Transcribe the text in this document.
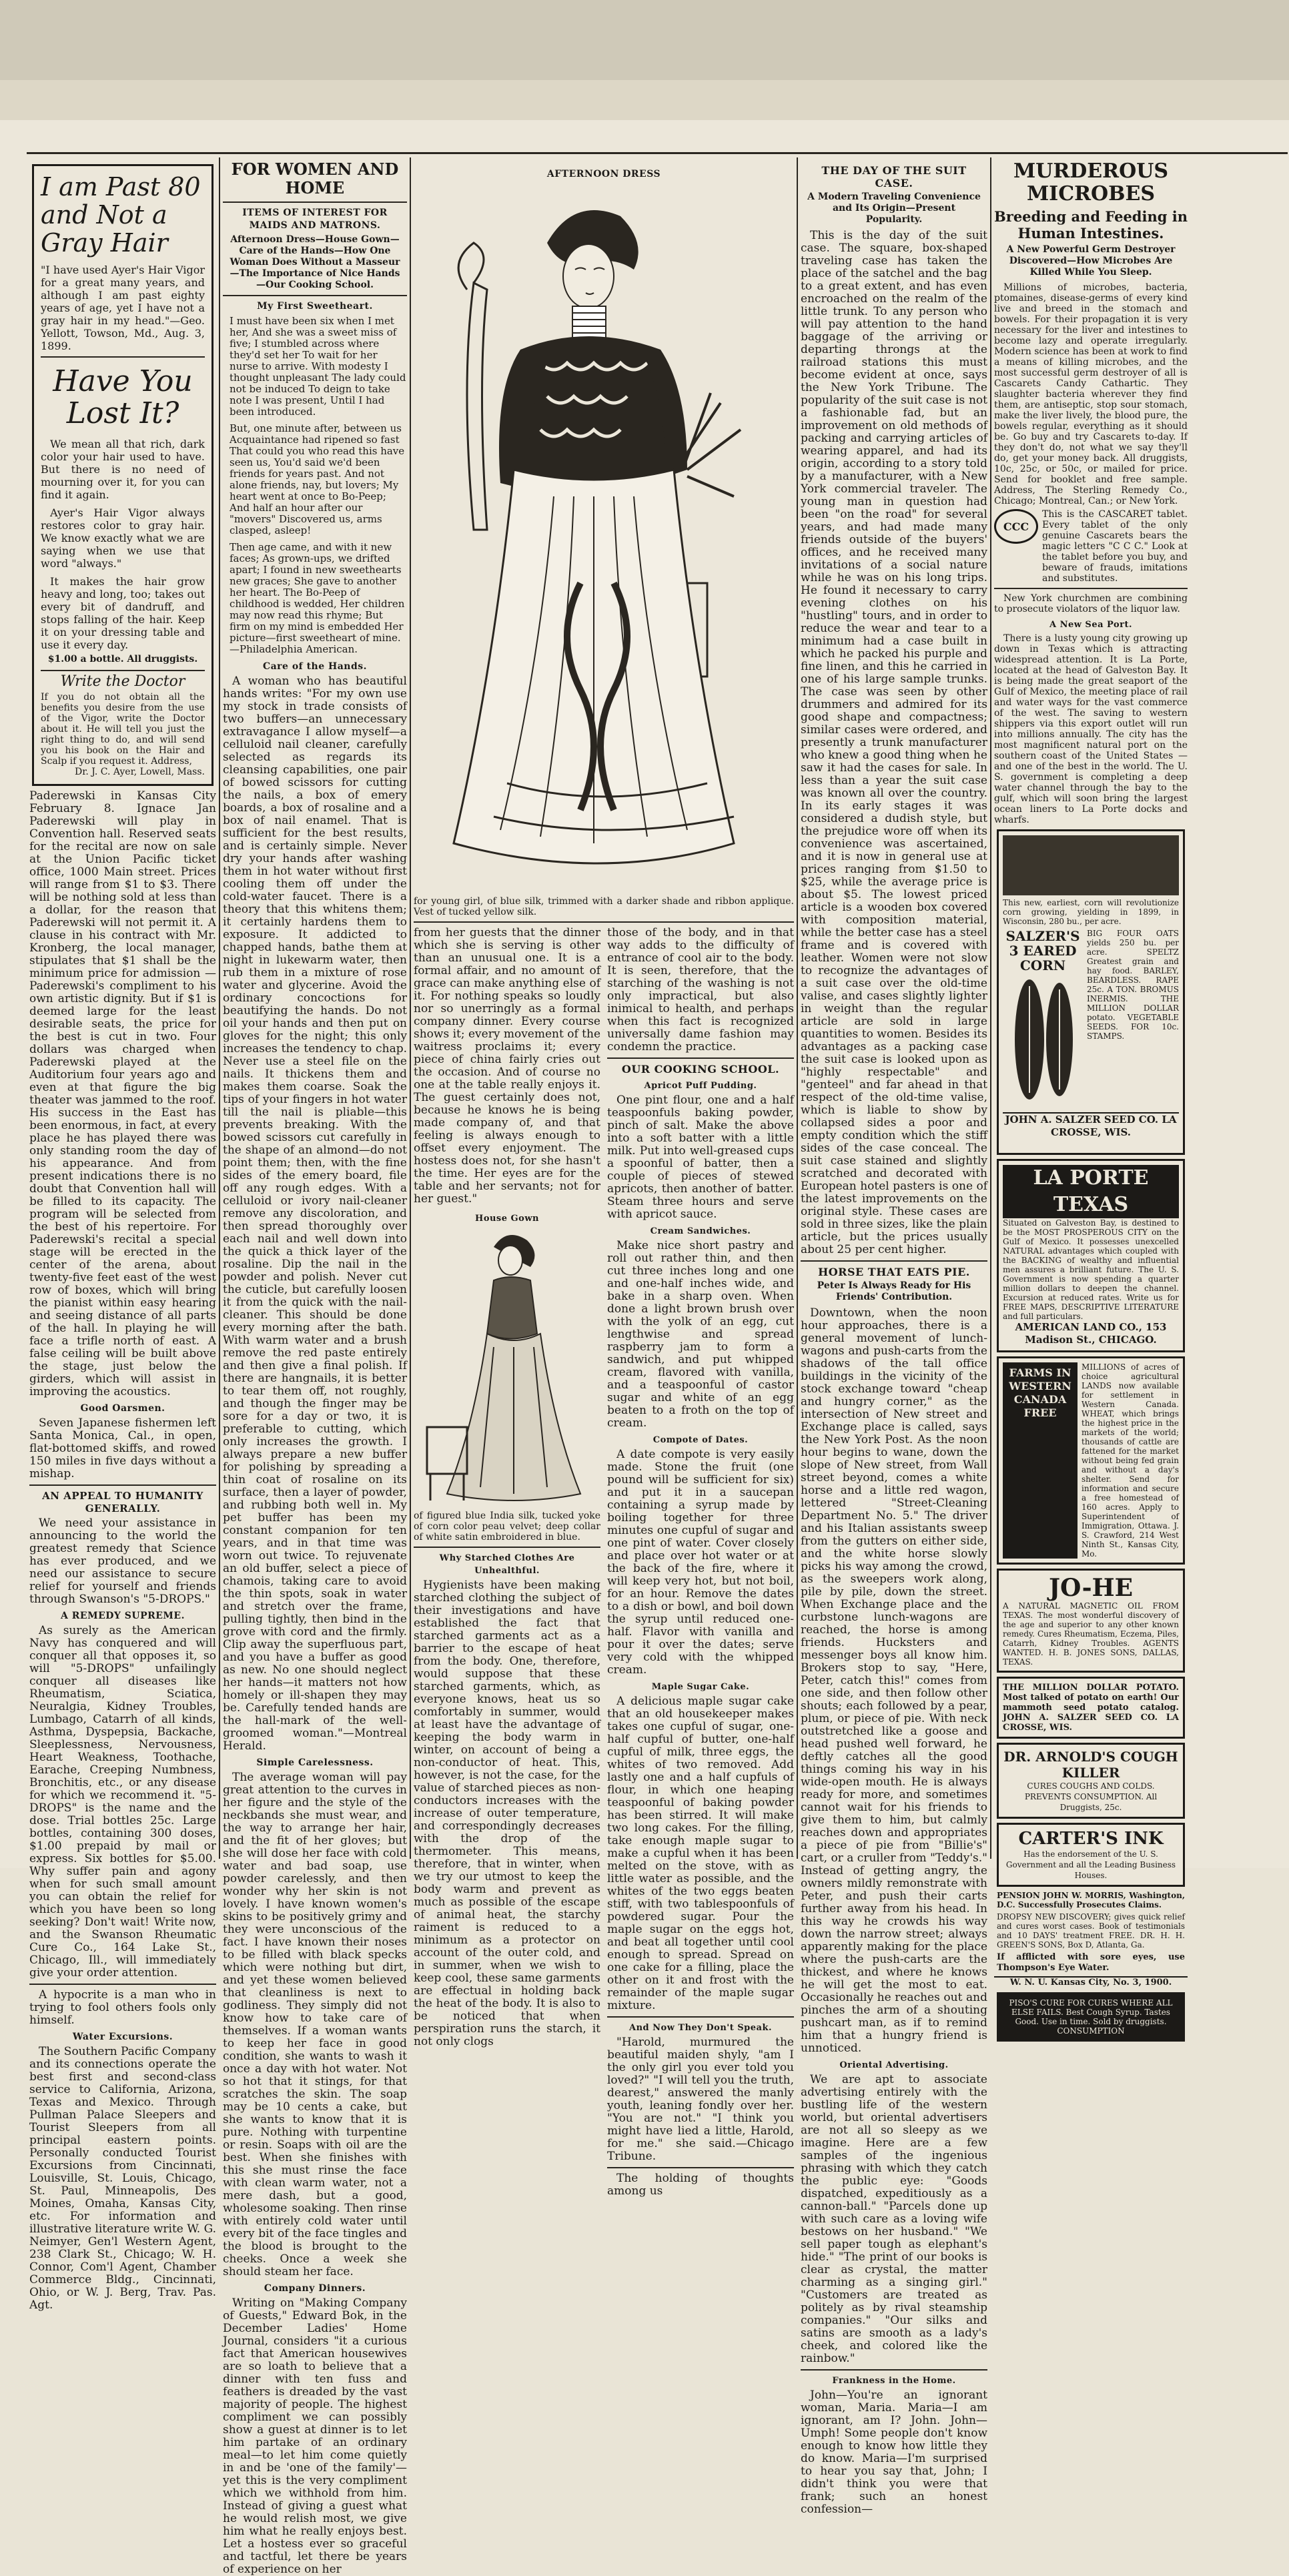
I am Past 80 and Not a Gray Hair
"I have used Ayer's Hair Vigor for a great many years, and although I am past eighty years of age, yet I have not a gray hair in my head."—Geo. Yellott, Towson, Md., Aug. 3, 1899.
Have You Lost It?

We mean all that rich, dark color your hair used to have. But there is no need of mourning over it, for you can find it again.

Ayer's Hair Vigor always restores color to gray hair. We know exactly what we are saying when we use that word "always."

It makes the hair grow heavy and long, too; takes out every bit of dandruff, and stops falling of the hair. Keep it on your dressing table and use it every day.

$1.00 a bottle. All druggists.
Write the Doctor
If you do not obtain all the benefits you desire from the use of the Vigor, write the Doctor about it. He will tell you just the right thing to do, and will send you his book on the Hair and Scalp if you request it. Address,
Dr. J. C. Ayer, Lowell, Mass.

Paderewski in Kansas City February 8. Ignace Jan Paderewski will play in Convention hall. Reserved seats for the recital are now on sale at the Union Pacific ticket office, 1000 Main street. Prices will range from $1 to $3. There will be nothing sold at less than a dollar, for the reason that Paderewski will not permit it. A clause in his contract with Mr. Kronberg, the local manager, stipulates that $1 shall be the minimum price for admission — Paderewski's compliment to his own artistic dignity. But if $1 is deemed large for the least desirable seats, the price for the best is cut in two. Four dollars was charged when Paderewski played at the Auditorium four years ago and even at that figure the big theater was jammed to the roof. His success in the East has been enormous, in fact, at every place he has played there was only standing room the day of his appearance. And from present indications there is no doubt that Convention hall will be filled to its capacity. The program will be selected from the best of his repertoire. For Paderewski's recital a special stage will be erected in the center of the arena, about twenty-five feet east of the west row of boxes, which will bring the pianist within easy hearing and seeing distance of all parts of the hall. In playing he will face a trifle north of east. A false ceiling will be built above the stage, just below the girders, which will assist in improving the acoustics.

Good Oarsmen.

Seven Japanese fishermen left Santa Monica, Cal., in open, flat-bottomed skiffs, and rowed 150 miles in five days without a mishap.

AN APPEAL TO HUMANITY GENERALLY.

We need your assistance in announcing to the world the greatest remedy that Science has ever produced, and we need our assistance to secure relief for yourself and friends through Swanson's "5-DROPS."

A REMEDY SUPREME.

As surely as the American Navy has conquered and will conquer all that opposes it, so will "5-DROPS" unfailingly conquer all diseases like Rheumatism, Sciatica, Neuralgia, Kidney Troubles, Lumbago, Catarrh of all kinds, Asthma, Dyspepsia, Backache, Sleeplessness, Nervousness, Heart Weakness, Toothache, Earache, Creeping Numbness, Bronchitis, etc., or any disease for which we recommend it. "5-DROPS" is the name and the dose. Trial bottles 25c. Large bottles, containing 300 doses, $1.00 prepaid by mail or express. Six bottles for $5.00. Why suffer pain and agony when for such small amount you can obtain the relief for which you have been so long seeking? Don't wait! Write now, and the Swanson Rheumatic Cure Co., 164 Lake St., Chicago, Ill., will immediately give your order attention.

A hypocrite is a man who in trying to fool others fools only himself.

Water Excursions.

The Southern Pacific Company and its connections operate the best first and second-class service to California, Arizona, Texas and Mexico. Through Pullman Palace Sleepers and Tourist Sleepers from all principal eastern points. Personally conducted Tourist Excursions from Cincinnati, Louisville, St. Louis, Chicago, St. Paul, Minneapolis, Des Moines, Omaha, Kansas City, etc. For information and illustrative literature write W. G. Neimyer, Gen'l Western Agent, 238 Clark St., Chicago; W. H. Connor, Com'l Agent, Chamber Commerce Bldg., Cincinnati, Ohio, or W. J. Berg, Trav. Pas. Agt.

FOR WOMEN AND HOME
ITEMS OF INTEREST FOR MAIDS AND MATRONS.
Afternoon Dress—House Gown—Care of the Hands—How One Woman Does Without a Masseur—The Importance of Nice Hands—Our Cooking School.
My First Sweetheart.

I must have been six when I met her, And she was a sweet miss of five; I stumbled across where they'd set her To wait for her nurse to arrive. With modesty I thought unpleasant The lady could not be induced To deign to take note I was present, Until I had been introduced.

But, one minute after, between us Acquaintance had ripened so fast That could you who read this have seen us, You'd said we'd been friends for years past. And not alone friends, nay, but lovers; My heart went at once to Bo-Peep; And half an hour after our "movers" Discovered us, arms clasped, asleep!

Then age came, and with it new faces; As grown-ups, we drifted apart; I found in new sweethearts new graces; She gave to another her heart. The Bo-Peep of childhood is wedded, Her children may now read this rhyme; But firm on my mind is embedded Her picture—first sweetheart of mine. —Philadelphia American.

Care of the Hands.

A woman who has beautiful hands writes: "For my own use my stock in trade consists of two buffers—an unnecessary extravagance I allow myself—a celluloid nail cleaner, carefully selected as regards its cleansing capabilities, one pair of bowed scissors for cutting the nails, a box of emery boards, a box of rosaline and a box of nail enamel. That is sufficient for the best results, and is certainly simple. Never dry your hands after washing them in hot water without first cooling them off under the cold-water faucet. There is a theory that this whitens them; it certainly hardens them to exposure. It addicted to chapped hands, bathe them at night in lukewarm water, then rub them in a mixture of rose water and glycerine. Avoid the ordinary concoctions for beautifying the hands. Do not oil your hands and then put on gloves for the night; this only increases the tendency to chap. Never use a steel file on the nails. It thickens them and makes them coarse. Soak the tips of your fingers in hot water till the nail is pliable—this prevents breaking. With the bowed scissors cut carefully in the shape of an almond—do not point them; then, with the fine sides of the emery board, file off any rough edges. With a celluloid or ivory nail-cleaner remove any discoloration, and then spread thoroughly over each nail and well down into the quick a thick layer of the rosaline. Dip the nail in the powder and polish. Never cut the cuticle, but carefully loosen it from the quick with the nail-cleaner. This should be done every morning after the bath. With warm water and a brush remove the red paste entirely and then give a final polish. If there are hangnails, it is better to tear them off, not roughly, and though the finger may be sore for a day or two, it is preferable to cutting, which only increases the growth. I always prepare a new buffer for polishing by spreading a thin coat of rosaline on its surface, then a layer of powder, and rubbing both well in. My pet buffer has been my constant companion for ten years, and in that time was worn out twice. To rejuvenate an old buffer, select a piece of chamois, taking care to avoid the thin spots, soak in water and stretch over the frame, pulling tightly, then bind in the grove with cord and the firmly. Clip away the superfluous part, and you have a buffer as good as new. No one should neglect her hands—it matters not how homely or ill-shapen they may be. Carefully tended hands are the hall-mark of the well-groomed woman."—Montreal Herald.

Simple Carelessness.

The average woman will pay great attention to the curves in her figure and the style of the neckbands she must wear, and the way to arrange her hair, and the fit of her gloves; but she will dose her face with cold water and bad soap, use powder carelessly, and then wonder why her skin is not lovely. I have known women's skins to be positively grimy and they were unconscious of the fact. I have known their noses to be filled with black specks which were nothing but dirt, and yet these women believed that cleanliness is next to godliness. They simply did not know how to take care of themselves. If a woman wants to keep her face in good condition, she wants to wash it once a day with hot water. Not so hot that it stings, for that scratches the skin. The soap may be 10 cents a cake, but she wants to know that it is pure. Nothing with turpentine or resin. Soaps with oil are the best. When she finishes with this she must rinse the face with clean warm water, not a mere dash, but a good, wholesome soaking. Then rinse with entirely cold water until every bit of the face tingles and the blood is brought to the cheeks. Once a week she should steam her face.

Company Dinners.

Writing on "Making Company of Guests," Edward Bok, in the December Ladies' Home Journal, considers "it a curious fact that American housewives are so loath to believe that a dinner with ten fuss and feathers is dreaded by the vast majority of people. The highest compliment we can possibly show a guest at dinner is to let him partake of an ordinary meal—to let him come quietly in and be 'one of the family'—yet this is the very compliment which we withhold from him. Instead of giving a guest what he would relish most, we give him what he really enjoys best. Let a hostess ever so graceful and tactful, let there be years of experience on her

AFTERNOON DRESS
for young girl, of blue silk, trimmed with a darker shade and ribbon applique. Vest of tucked yellow silk.

from her guests that the dinner which she is serving is other than an unusual one. It is a formal affair, and no amount of grace can make anything else of it. For nothing speaks so loudly nor so unerringly as a formal company dinner. Every course shows it; every movement of the waitress proclaims it; every piece of china fairly cries out the occasion. And of course no one at the table really enjoys it. The guest certainly does not, because he knows he is being made company of, and that feeling is always enough to offset every enjoyment. The hostess does not, for she hasn't the time. Her eyes are for the table and her servants; not for her guest."

House Gown
of figured blue India silk, tucked yoke of corn color peau velvet; deep collar of white satin embroidered in blue.
Why Starched Clothes Are Unhealthful.

Hygienists have been making starched clothing the subject of their investigations and have established the fact that starched garments act as a barrier to the escape of heat from the body. One, therefore, would suppose that these starched garments, which, as everyone knows, heat us so comfortably in summer, would at least have the advantage of keeping the body warm in winter, on account of being a non-conductor of heat. This, however, is not the case, for the value of starched pieces as non-conductors increases with the increase of outer temperature, and correspondingly decreases with the drop of the thermometer. This means, therefore, that in winter, when we try our utmost to keep the body warm and prevent as much as possible of the escape of animal heat, the starchy raiment is reduced to a minimum as a protector on account of the outer cold, and in summer, when we wish to keep cool, these same garments are effectual in holding back the heat of the body. It is also to be noticed that when perspiration runs the starch, it not only clogs

those of the body, and in that way adds to the difficulty of entrance of cool air to the body. It is seen, therefore, that the starching of the washing is not only impractical, but also inimical to health, and perhaps when this fact is recognized universally dame fashion may condemn the practice.

OUR COOKING SCHOOL.
Apricot Puff Pudding.

One pint flour, one and a half teaspoonfuls baking powder, pinch of salt. Make the above into a soft batter with a little milk. Put into well-greased cups a spoonful of batter, then a couple of pieces of stewed apricots, then another of batter. Steam three hours and serve with apricot sauce.

Cream Sandwiches.

Make nice short pastry and roll out rather thin, and then cut three inches long and one and one-half inches wide, and bake in a sharp oven. When done a light brown brush over with the yolk of an egg, cut lengthwise and spread raspberry jam to form a sandwich, and put whipped cream, flavored with vanilla, and a teaspoonful of castor sugar and white of an egg beaten to a froth on the top of cream.

Compote of Dates.

A date compote is very easily made. Stone the fruit (one pound will be sufficient for six) and put it in a saucepan containing a syrup made by boiling together for three minutes one cupful of sugar and one pint of water. Cover closely and place over hot water or at the back of the fire, where it will keep very hot, but not boil, for an hour. Remove the dates to a dish or bowl, and boil down the syrup until reduced one-half. Flavor with vanilla and pour it over the dates; serve very cold with the whipped cream.

Maple Sugar Cake.

A delicious maple sugar cake that an old housekeeper makes takes one cupful of sugar, one-half cupful of butter, one-half cupful of milk, three eggs, the whites of two removed. Add lastly one and a half cupfuls of flour, in which one heaping teaspoonful of baking powder has been stirred. It will make two long cakes. For the filling, take enough maple sugar to make a cupful when it has been melted on the stove, with as little water as possible, and the whites of the two eggs beaten stiff, with two tablespoonfuls of powdered sugar. Pour the maple sugar on the eggs hot, and beat all together until cool enough to spread. Spread on one cake for a filling, place the other on it and frost with the remainder of the maple sugar mixture.

And Now They Don't Speak.

"Harold, murmured the beautiful maiden shyly, "am I the only girl you ever told you loved?" "I will tell you the truth, dearest," answered the manly youth, leaning fondly over her. "You are not." "I think you might have lied a little, Harold, for me." she said.—Chicago Tribune.

The holding of thoughts among us

THE DAY OF THE SUIT CASE.
A Modern Traveling Convenience and Its Origin—Present Popularity.

This is the day of the suit case. The square, box-shaped traveling case has taken the place of the satchel and the bag to a great extent, and has even encroached on the realm of the little trunk. To any person who will pay attention to the hand baggage of the arriving or departing throngs at the railroad stations this must become evident at once, says the New York Tribune. The popularity of the suit case is not a fashionable fad, but an improvement on old methods of packing and carrying articles of wearing apparel, and had its origin, according to a story told by a manufacturer, with a New York commercial traveler. The young man in question had been "on the road" for several years, and had made many friends outside of the buyers' offices, and he received many invitations of a social nature while he was on his long trips. He found it necessary to carry evening clothes on his "hustling" tours, and in order to reduce the wear and tear to a minimum had a case built in which he packed his purple and fine linen, and this he carried in one of his large sample trunks. The case was seen by other drummers and admired for its good shape and compactness; similar cases were ordered, and presently a trunk manufacturer who knew a good thing when he saw it had the cases for sale. In less than a year the suit case was known all over the country. In its early stages it was considered a dudish style, but the prejudice wore off when its convenience was ascertained, and it is now in general use at prices ranging from $1.50 to $25, while the average price is about $5. The lowest priced article is a wooden box covered with composition material, while the better case has a steel frame and is covered with leather. Women were not slow to recognize the advantages of a suit case over the old-time valise, and cases slightly lighter in weight than the regular article are sold in large quantities to women. Besides its advantages as a packing case the suit case is looked upon as "highly respectable" and "genteel" and far ahead in that respect of the old-time valise, which is liable to show by collapsed sides a poor and empty condition which the stiff sides of the case conceal. The suit case stained and slightly scratched and decorated with European hotel pasters is one of the latest improvements on the original style. These cases are sold in three sizes, like the plain article, but the prices usually about 25 per cent higher.

HORSE THAT EATS PIE.
Peter Is Always Ready for His Friends' Contribution.

Downtown, when the noon hour approaches, there is a general movement of lunch-wagons and push-carts from the shadows of the tall office buildings in the vicinity of the stock exchange toward "cheap and hungry corner," as the intersection of New street and Exchange place is called, says the New York Post. As the noon hour begins to wane, down the slope of New street, from Wall street beyond, comes a white horse and a little red wagon, lettered "Street-Cleaning Department No. 5." The driver and his Italian assistants sweep from the gutters on either side, and the white horse slowly picks his way among the crowd, as the sweepers work along, pile by pile, down the street. When Exchange place and the curbstone lunch-wagons are reached, the horse is among friends. Hucksters and messenger boys all know him. Brokers stop to say, "Here, Peter, catch this!" comes from one side, and then follow other shouts; each followed by a pear, plum, or piece of pie. With neck outstretched like a goose and head pushed well forward, he deftly catches all the good things coming his way in his wide-open mouth. He is always ready for more, and sometimes cannot wait for his friends to give them to him, but calmly reaches down and appropriates a piece of pie from "Billie's" cart, or a cruller from "Teddy's." Instead of getting angry, the owners mildly remonstrate with Peter, and push their carts further away from his head. In this way he crowds his way down the narrow street; always apparently making for the place where the push-carts are the thickest, and where he knows he will get the most to eat. Occasionally he reaches out and pinches the arm of a shouting pushcart man, as if to remind him that a hungry friend is unnoticed.

Oriental Advertising.

We are apt to associate advertising entirely with the bustling life of the western world, but oriental advertisers are not all so sleepy as we imagine. Here are a few samples of the ingenious phrasing with which they catch the public eye: "Goods dispatched, expeditiously as a cannon-ball." "Parcels done up with such care as a loving wife bestows on her husband." "We sell paper tough as elephant's hide." "The print of our books is clear as crystal, the matter charming as a singing girl." "Customers are treated as politely as by rival steamship companies." "Our silks and satins are smooth as a lady's cheek, and colored like the rainbow."

Frankness in the Home.

John—You're an ignorant woman, Maria. Maria—I am ignorant, am I? John. John—Umph! Some people don't know enough to know how little they do know. Maria—I'm surprised to hear you say that, John; I didn't think you were that frank; such an honest confession—

MURDEROUS MICROBES
Breeding and Feeding in Human Intestines.
A New Powerful Germ Destroyer Discovered—How Microbes Are Killed While You Sleep.

Millions of microbes, bacteria, ptomaines, disease-germs of every kind live and breed in the stomach and bowels. For their propagation it is very necessary for the liver and intestines to become lazy and operate irregularly. Modern science has been at work to find a means of killing microbes, and the most successful germ destroyer of all is Cascarets Candy Cathartic. They slaughter bacteria wherever they find them, are antiseptic, stop sour stomach, make the liver lively, the blood pure, the bowels regular, everything as it should be. Go buy and try Cascarets to-day. If they don't do, not what we say they'll do, get your money back. All druggists, 10c, 25c, or 50c, or mailed for price. Send for booklet and free sample. Address, The Sterling Remedy Co., Chicago; Montreal, Can.; or New York.

CCC
This is the CASCARET tablet. Every tablet of the only genuine Cascarets bears the magic letters "C C C." Look at the tablet before you buy, and beware of frauds, imitations and substitutes.

New York churchmen are combining to prosecute violators of the liquor law.

A New Sea Port.

There is a lusty young city growing up down in Texas which is attracting widespread attention. It is La Porte, located at the head of Galveston Bay. It is being made the great seaport of the Gulf of Mexico, the meeting place of rail and water ways for the vast commerce of the west. The saving to western shippers via this export outlet will run into millions annually. The city has the most magnificent natural port on the southern coast of the United States — and one of the best in the world. The U. S. government is completing a deep water channel through the bay to the gulf, which will soon bring the largest ocean liners to La Porte docks and wharfs.

This new, earliest, corn will revolutionize corn growing, yielding in 1899, in Wisconsin, 280 bu., per acre.
SALZER'S 3 EARED CORN
BIG FOUR OATS yields 250 bu. per acre. SPELTZ Greatest grain and hay food. BARLEY, BEARDLESS. RAPE 25c. A TON. BROMUS INERMIS. THE MILLION DOLLAR potato. VEGETABLE SEEDS. FOR 10c. STAMPS.
JOHN A. SALZER SEED CO. LA CROSSE, WIS.
LA PORTE TEXAS
Situated on Galveston Bay, is destined to be the MOST PROSPEROUS CITY on the Gulf of Mexico. It possesses unexcelled NATURAL advantages which coupled with the BACKING of wealthy and influential men assures a brilliant future. The U. S. Government is now spending a quarter million dollars to deepen the channel. Excursion at reduced rates. Write us for FREE MAPS, DESCRIPTIVE LITERATURE and full particulars.
AMERICAN LAND CO., 153 Madison St., CHICAGO.
FARMS IN WESTERN CANADA FREE
MILLIONS of acres of choice agricultural LANDS now available for settlement in Western Canada. WHEAT, which brings the highest price in the markets of the world; thousands of cattle are fattened for the market without being fed grain and without a day's shelter. Send for information and secure a free homestead of 160 acres. Apply to Superintendent of Immigration, Ottawa. J. S. Crawford, 214 West Ninth St., Kansas City, Mo.
JO-HE
A NATURAL MAGNETIC OIL FROM TEXAS. The most wonderful discovery of the age and superior to any other known remedy. Cures Rheumatism, Eczema, Piles, Catarrh, Kidney Troubles. AGENTS WANTED. H. B. JONES SONS, DALLAS, TEXAS.
THE MILLION DOLLAR POTATO. Most talked of potato on earth! Our mammoth seed potato catalog. JOHN A. SALZER SEED CO. LA CROSSE, WIS.
DR. ARNOLD'S COUGH KILLER
CURES COUGHS AND COLDS. PREVENTS CONSUMPTION. All Druggists, 25c.
CARTER'S INK
Has the endorsement of the U. S. Government and all the Leading Business Houses.
PENSION JOHN W. MORRIS, Washington, D.C. Successfully Prosecutes Claims.
DROPSY NEW DISCOVERY; gives quick relief and cures worst cases. Book of testimonials and 10 DAYS' treatment FREE. DR. H. H. GREEN'S SONS, Box D, Atlanta, Ga.
If afflicted with sore eyes, use Thompson's Eye Water.
W. N. U. Kansas City, No. 3, 1900.
PISO'S CURE FOR CURES WHERE ALL ELSE FAILS. Best Cough Syrup. Tastes Good. Use in time. Sold by druggists. CONSUMPTION
